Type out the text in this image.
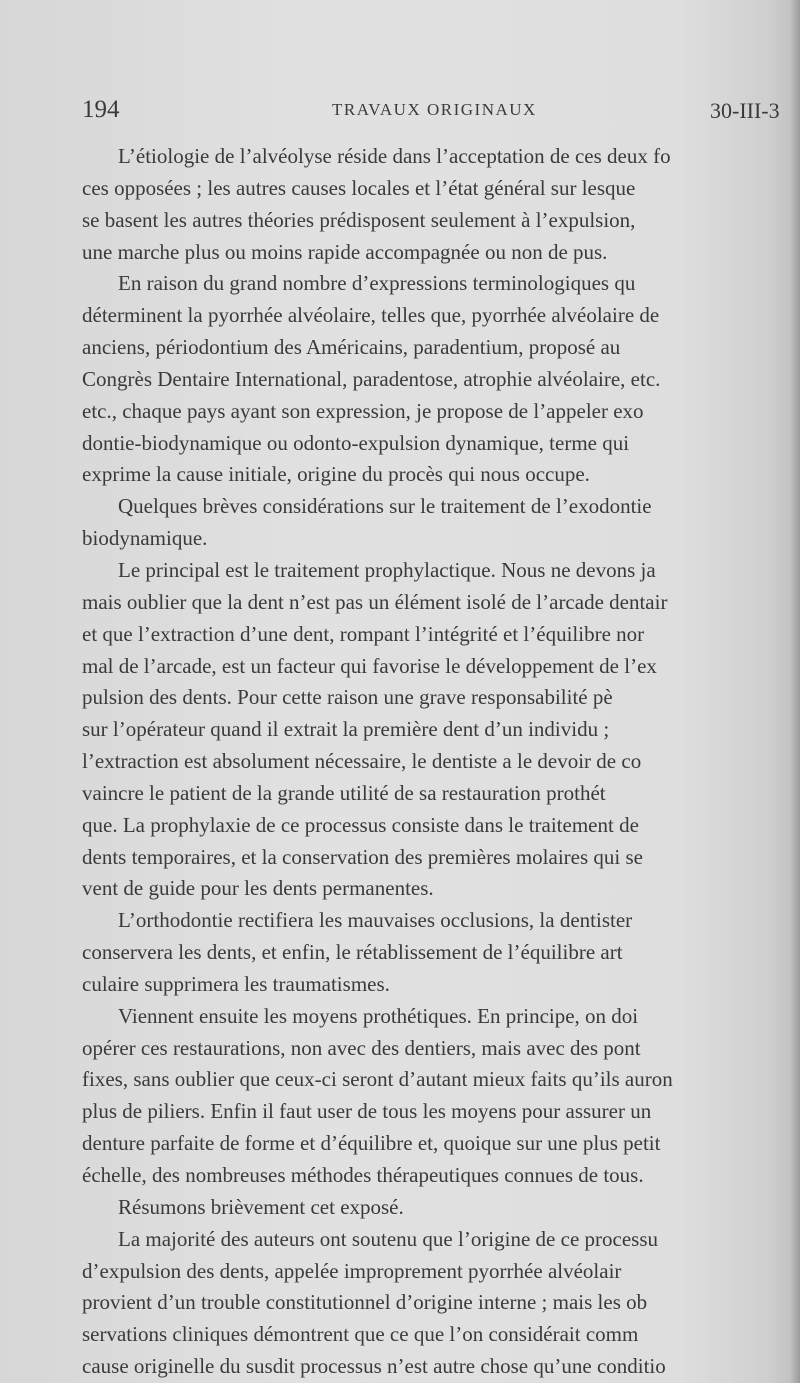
194	TRAVAUX ORIGINAUX	30-III-3
L’étiologie de l’alvéolyse réside dans l’acceptation de ces deux fo
ces opposées ; les autres causes locales et l’état général sur lesque
se basent les autres théories prédisposent seulement à l’expulsion,
une marche plus ou moins rapide accompagnée ou non de pus.
En raison du grand nombre d’expressions terminologiques qu
déterminent la pyorrhée alvéolaire, telles que, pyorrhée alvéolaire de
anciens, périodontium des Américains, paradentium, proposé au
Congrès Dentaire International, paradentose, atrophie alvéolaire, etc.
etc., chaque pays ayant son expression, je propose de l’appeler exo
dontie-biodynamique ou odonto-expulsion dynamique, terme qui
exprime la cause initiale, origine du procès qui nous occupe.
Quelques brèves considérations sur le traitement de l’exodontie
biodynamique.
Le principal est le traitement prophylactique. Nous ne devons ja
mais oublier que la dent n’est pas un élément isolé de l’arcade dentair
et que l’extraction d’une dent, rompant l’intégrité et l’équilibre nor
mal de l’arcade, est un facteur qui favorise le développement de l’ex
pulsion des dents. Pour cette raison une grave responsabilité pè
sur l’opérateur quand il extrait la première dent d’un individu ;
l’extraction est absolument nécessaire, le dentiste a le devoir de co
vaincre le patient de la grande utilité de sa restauration prothét
que. La prophylaxie de ce processus consiste dans le traitement de
dents temporaires, et la conservation des premières molaires qui se
vent de guide pour les dents permanentes.
L’orthodontie rectifiera les mauvaises occlusions, la dentister
conservera les dents, et enfin, le rétablissement de l’équilibre art
culaire supprimera les traumatismes.
Viennent ensuite les moyens prothétiques. En principe, on doi
opérer ces restaurations, non avec des dentiers, mais avec des pont
fixes, sans oublier que ceux-ci seront d’autant mieux faits qu’ils auron
plus de piliers. Enfin il faut user de tous les moyens pour assurer un
denture parfaite de forme et d’équilibre et, quoique sur une plus petit
échelle, des nombreuses méthodes thérapeutiques connues de tous.
Résumons brièvement cet exposé.
La majorité des auteurs ont soutenu que l’origine de ce processu
d’expulsion des dents, appelée improprement pyorrhée alvéolair
provient d’un trouble constitutionnel d’origine interne ; mais les ob
servations cliniques démontrent que ce que l’on considérait comm
cause originelle du susdit processus n’est autre chose qu’une conditio
